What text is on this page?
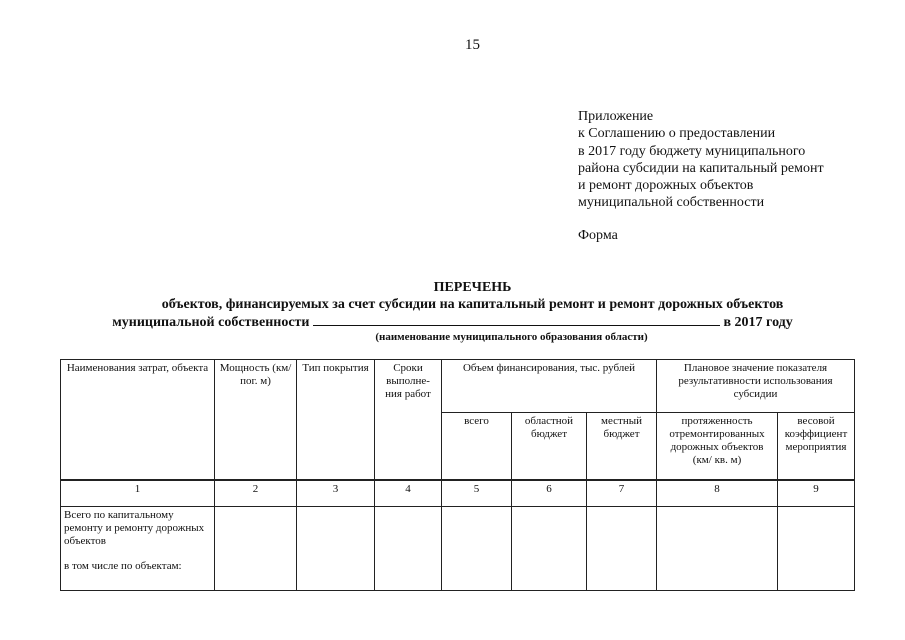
15
Приложение
к Соглашению о предоставлении
в 2017 году бюджету муниципального
района субсидии на капитальный ремонт
и ремонт дорожных объектов
муниципальной собственности
Форма
ПЕРЕЧЕНЬ
объектов, финансируемых за счет субсидии на капитальный ремонт и ремонт дорожных объектов
муниципальной собственности	в 2017 году
(наименование муниципального образования области)
Наименования затрат, объекта	Мощность (км/ пог. м)	Тип покрытия	Сроки выполне- ния работ	Объем финансирования, тыс. рублей			Плановое значение показателя результативности использования субсидии	
				всего	областной бюджет	местный бюджет	протяженность отремонтированных дорожных объектов (км/ кв. м)	весовой коэффициент мероприятия
1	2	3	4	5	6	7	8	9

Всего по капитальному ремонту и ремонту дорожных объектов
в том числе по объектам:								
